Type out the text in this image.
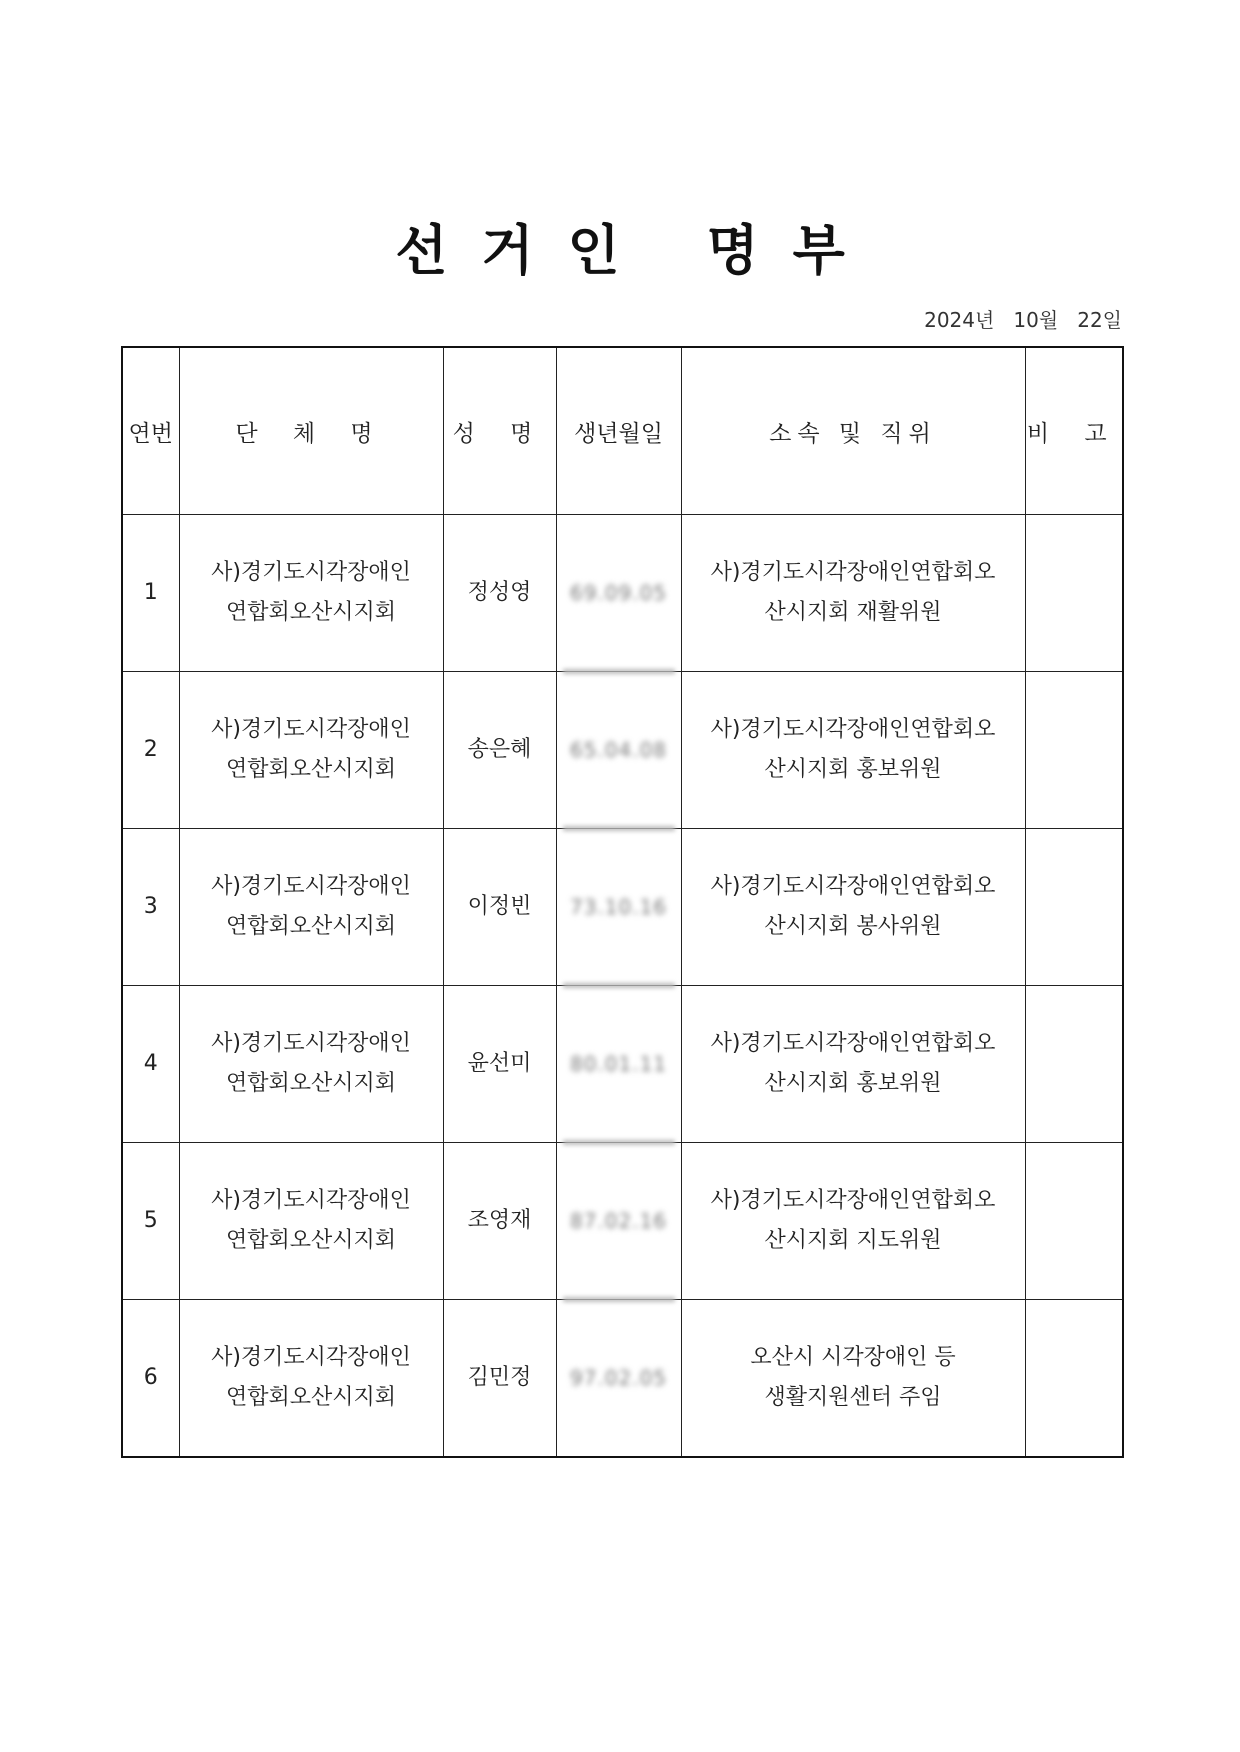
선거인 명부
2024년   10월   22일
연번	단 체 명	성 명	생년월일	소속 및 직위	비 고
1	사)경기도시각장애인
연합회오산시지회	정성영	69.09.05	사)경기도시각장애인연합회오
산시지회 재활위원	

2	사)경기도시각장애인
연합회오산시지회	송은혜	65.04.08	사)경기도시각장애인연합회오
산시지회 홍보위원	

3	사)경기도시각장애인
연합회오산시지회	이정빈	73.10.16	사)경기도시각장애인연합회오
산시지회 봉사위원	

4	사)경기도시각장애인
연합회오산시지회	윤선미	80.01.11	사)경기도시각장애인연합회오
산시지회 홍보위원	

5	사)경기도시각장애인
연합회오산시지회	조영재	87.02.16	사)경기도시각장애인연합회오
산시지회 지도위원	

6	사)경기도시각장애인
연합회오산시지회	김민정	97.02.05	오산시 시각장애인 등
생활지원센터 주임	
